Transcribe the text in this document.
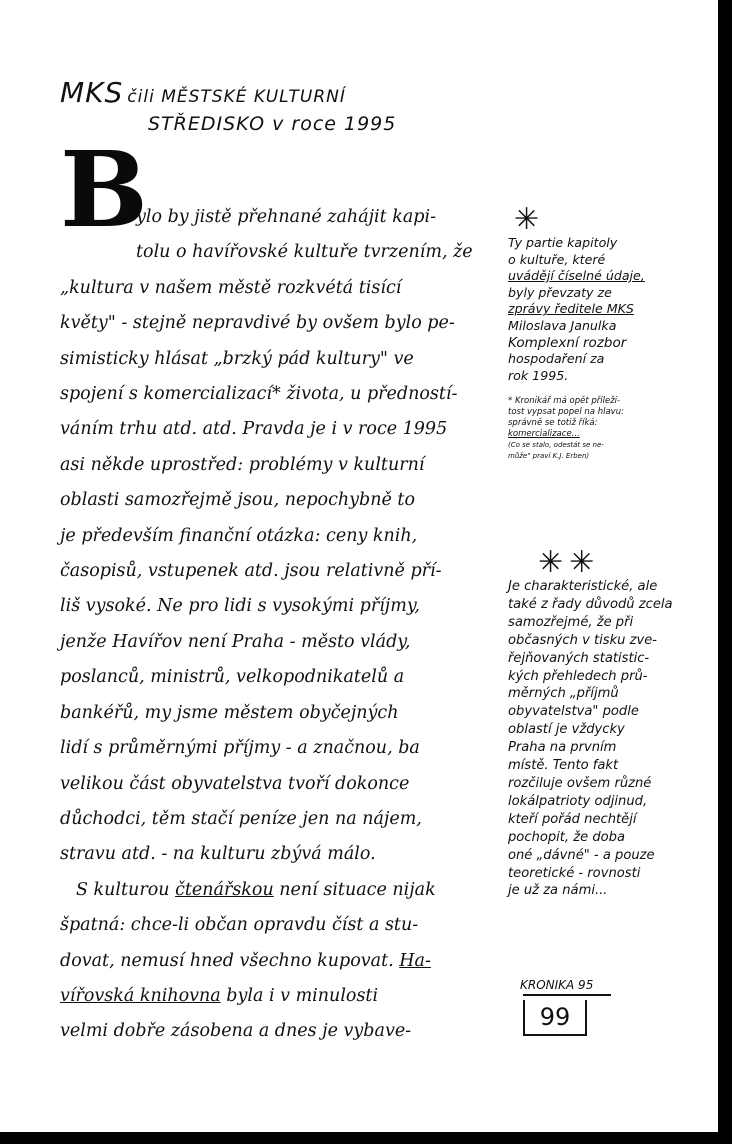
MKS čili MĚSTSKÉ KULTURNÍ
STŘEDISKO v roce 1995
B
ylo by jistě přehnané zahájit kapi-
tolu o havířovské kultuře tvrzením, že
„kultura v našem městě rozkvétá tisící
květy" - stejně nepravdivé by ovšem bylo pe-
simisticky hlásat „brzký pád kultury" ve
spojení s komercializací* života, u předností-
váním trhu atd. atd. Pravda je i v roce 1995
asi někde uprostřed: problémy v kulturní
oblasti samozřejmě jsou, nepochybně to
je především finanční otázka: ceny knih,
časopisů, vstupenek atd. jsou relativně pří-
liš vysoké. Ne pro lidi s vysokými příjmy,
jenže Havířov není Praha - město vlády,
poslanců, ministrů, velkopodnikatelů a
bankéřů, my jsme městem obyčejných
lidí s průměrnými příjmy - a značnou, ba
velikou část obyvatelstva tvoří dokonce
důchodci, těm stačí peníze jen na nájem,
stravu atd. - na kulturu zbývá málo.
S kulturou čtenářskou není situace nijak
špatná: chce-li občan opravdu číst a stu-
dovat, nemusí hned všechno kupovat. Ha-
vířovská knihovna byla i v minulosti
velmi dobře zásobena a dnes je vybave-
✳
Ty partie kapitoly
o kultuře, které
uvádějí číselné údaje,
byly převzaty ze
zprávy ředitele MKS
Miloslava Janulka
Komplexní rozbor
hospodaření za
rok 1995.
* Kronikář má opět příleži-
tost vypsat popel na hlavu:
správně se totiž říká:
komercializace...
(Co se stalo, odestát se ne-
může" praví K.J. Erben)
✳✳
Je charakteristické, ale
také z řady důvodů zcela
samozřejmé, že při
občasných v tisku zve-
řejňovaných statistic-
kých přehledech prů-
měrných „příjmů
obyvatelstva" podle
oblastí je vždycky
Praha na prvním
místě. Tento fakt
rozčiluje ovšem různé
lokálpatrioty odjinud,
kteří pořád nechtějí
pochopit, že doba
oné „dávné" - a pouze
teoretické - rovnosti
je už za námi...
KRONIKA 95
99
